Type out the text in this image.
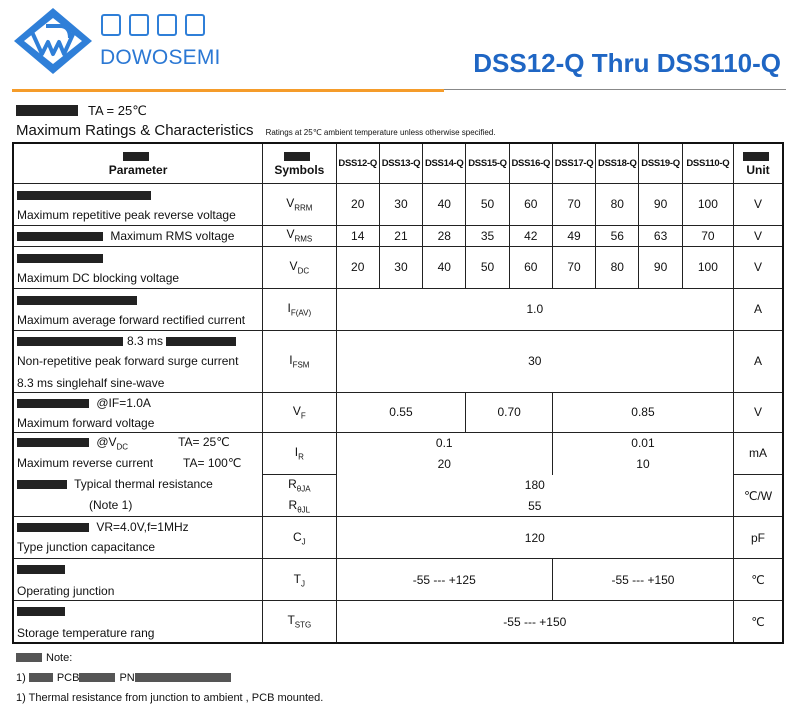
DOWOSEMI	DSS12-Q Thru DSS110-Q
TA = 25℃
Maximum Ratings & Characteristics Ratings at 25℃ ambient temperature unless otherwise specified.

Parameter	Symbols	DSS12-Q	DSS13-Q	DSS14-Q	DSS15-Q	DSS16-Q	DSS17-Q	DSS18-Q	DSS19-Q	DSS110-Q	Unit

Maximum repetitive peak reverse voltage	$V_{RRM}$	20	30	40	50	60	70	80	90	100	V

Maximum RMS voltage	$V_{RMS}$	14	21	28	35	42	49	56	63	70	V

Maximum DC blocking voltage	$V_{DC}$	20	30	40	50	60	70	80	90	100	V

Maximum average forward rectified current	$I_{F(AV)}$	1.0									A

8.3 ms
Non-repetitive peak forward surge current
8.3 ms singlehalf sine-wave	$I_{FSM}$	30									A

@IF=1.0A
Maximum forward voltage	$V_F$	0.55			0.70		0.85				V

$@V_{DC}$ TA= 25℃	$I_R$	0.1					0.01				mA

Maximum reverse current TA= 100℃		20					10				

Typical thermal resistance	$R_{\theta JA}$	180									℃/W

(Note 1)	$R_{\theta JL}$	55									

VR=4.0V,f=1MHz
Type junction capacitance	$C_J$	120									pF

Operating junction	$T_J$	-55 --- +125					-55 --- +150				℃

Storage temperature rang	$T_{STG}$	-55 --- +150									℃
Note:
1)	PCB	PN
1) Thermal resistance from junction to ambient , PCB mounted.
